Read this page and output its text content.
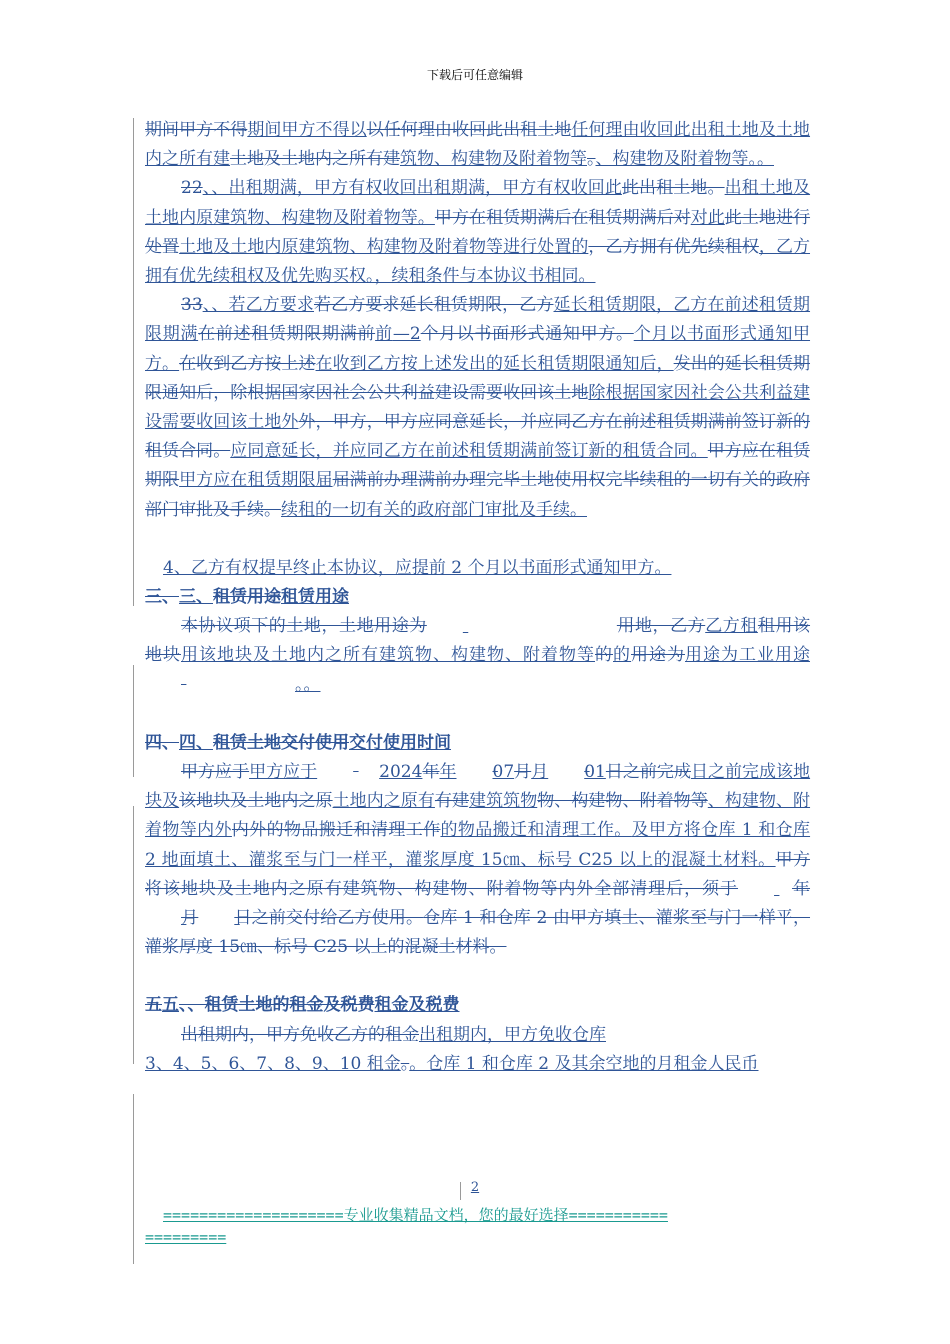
下载后可任意编辑

期间甲方不得期间甲方不得以以任何理由收回此出租土地任何理由收回此出租土地及土地内之所有建土地及土地内之所有建筑物、构建物及附着物等。、构建物及附着物等。。

22、、出租期满，甲方有权收回出租期满，甲方有权收回此此出租土地。出租土地及土地内原建筑物、构建物及附着物等。甲方在租赁期满后在租赁期满后对对此此土地进行处置土地及土地内原建筑物、构建物及附着物等进行处置的，乙方拥有优先续租权，乙方拥有优先续租权及优先购买权。，续租条件与本协议书相同。

33、、若乙方要求若乙方要求延长租赁期限，乙方延长租赁期限，乙方在前述租赁期限期满在前述租赁期限期满前前—2个月以书面形式通知甲方。个月以书面形式通知甲方。在收到乙方按上述在收到乙方按上述发出的延长租赁期限通知后，发出的延长租赁期限通知后，除根据国家因社会公共利益建设需要收回该土地除根据国家因社会公共利益建设需要收回该土地外外，甲方，甲方应同意延长，并应同乙方在前述租赁期满前签订新的租赁合同。应同意延长，并应同乙方在前述租赁期满前签订新的租赁合同。甲方应在租赁期限甲方应在租赁期限届届满前办理满前办理完毕土地使用权完毕续租的一切有关的政府部门审批及手续。续租的一切有关的政府部门审批及手续。

4、乙方有权提早终止本协议，应提前 2 个月以书面形式通知甲方。

三、三、租赁用途租赁用途

本协议项下的土地，土地用途为	用地，乙方乙方租租用该地块用该地块及土地内之所有建筑物、构建物、附着物等的的用途为用途为工业用途 。。

四、四、租赁土地交付使用交付使用时间

甲方应于甲方应于	2024年年 07月月 01日之前完成日之前完成该地块及该地块及土地内之原土地内之原有有建建筑筑物物、构建物、附着物等、构建物、附着物等内外内外的物品搬迁和清理工作的物品搬迁和清理工作。及甲方将仓库 1 和仓库 2 地面填土、灌浆至与门一样平，灌浆厚度 15㎝、标号 C25 以上的混凝土材料。甲方将该地块及土地内之原有建筑物、构建物、附着物等内外全部清理后，须于	年 月 日之前交付给乙方使用。仓库 1 和仓库 2 由甲方填土、灌浆至与门一样平，灌浆厚度 15㎝、标号 C25 以上的混凝土材料。

五五、、租赁土地的租金及税费租金及税费

出租期内，甲方免收乙方的租金出租期内，甲方免收仓库
3、4、5、6、7、8、9、10 租金。。仓库 1 和仓库 2 及其余空地的月租金人民币

2
====================专业收集精品文档，您的最好选择===========
=========
